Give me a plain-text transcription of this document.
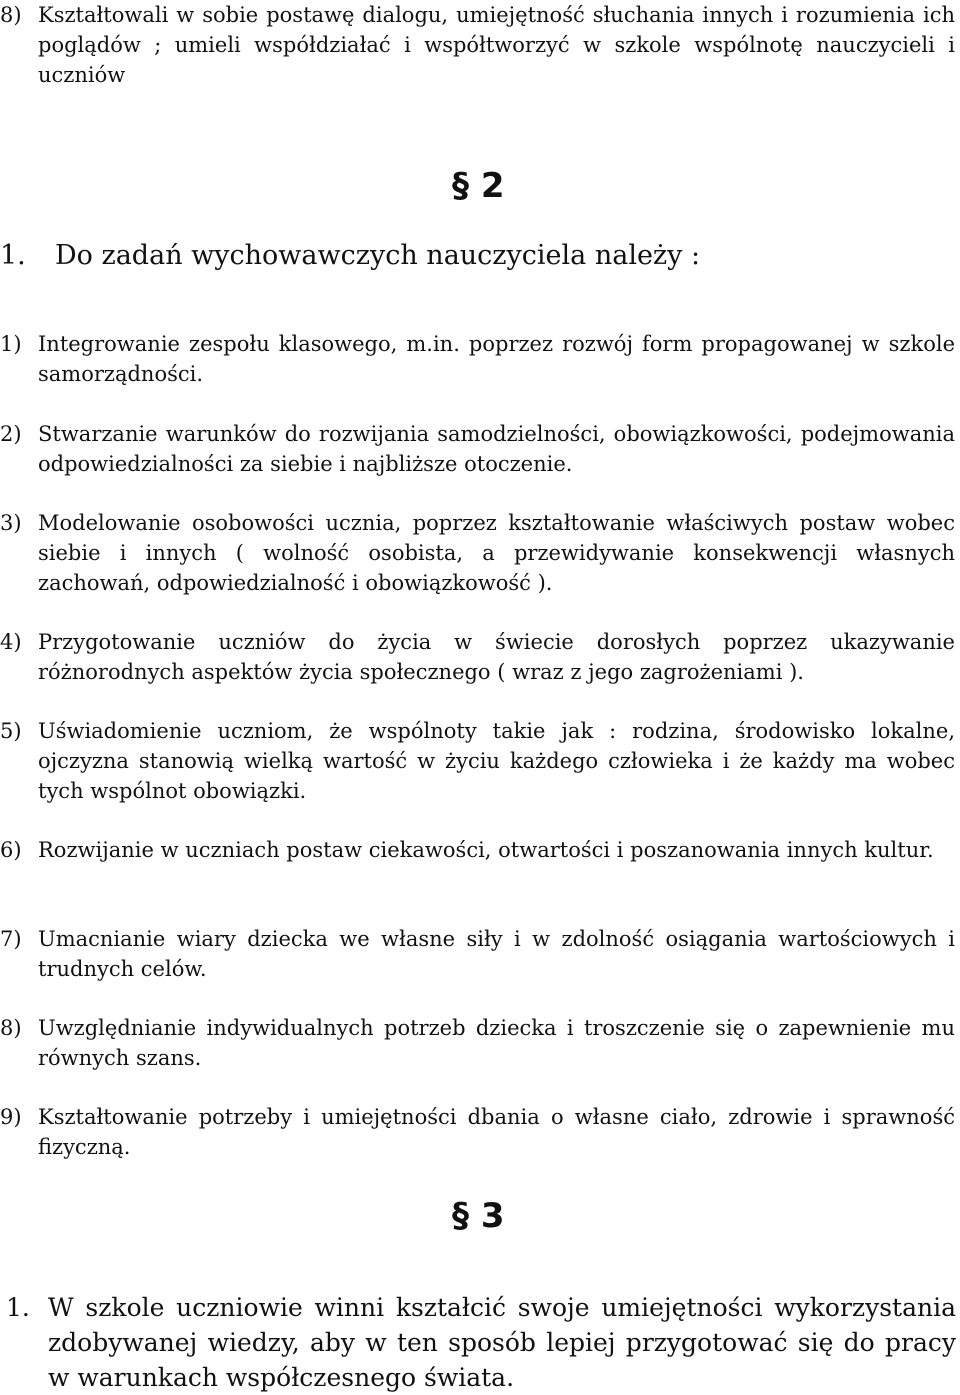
8) Kształtowali w sobie postawę dialogu, umiejętność słuchania innych i rozumienia ich poglądów ; umieli współdziałać i współtworzyć w szkole wspólnotę nauczycieli i uczniów
§ 2
1.	Do zadań wychowawczych nauczyciela należy :
1) Integrowanie zespołu klasowego, m.in. poprzez rozwój form propagowanej w szkole samorządności.
2) Stwarzanie warunków do rozwijania samodzielności, obowiązkowości, podejmowania odpowiedzialności za siebie i najbliższe otoczenie.
3) Modelowanie osobowości ucznia, poprzez kształtowanie właściwych postaw wobec siebie i innych ( wolność osobista, a przewidywanie konsekwencji własnych zachowań, odpowiedzialność i obowiązkowość ).
4) Przygotowanie uczniów do życia w świecie dorosłych poprzez ukazywanie różnorodnych aspektów życia społecznego ( wraz z jego zagrożeniami ).
5) Uświadomienie uczniom, że wspólnoty takie jak : rodzina, środowisko lokalne, ojczyzna stanowią wielką wartość w życiu każdego człowieka i że każdy ma wobec tych wspólnot obowiązki.
6) Rozwijanie w uczniach postaw ciekawości, otwartości i poszanowania innych kultur.
7) Umacnianie wiary dziecka we własne siły i w zdolność osiągania wartościowych i trudnych celów.
8) Uwzględnianie indywidualnych potrzeb dziecka i troszczenie się o zapewnienie mu równych szans.
9) Kształtowanie potrzeby i umiejętności dbania o własne ciało, zdrowie i sprawność fizyczną.
§ 3
1. W szkole uczniowie winni kształcić swoje umiejętności wykorzystania zdobywanej wiedzy, aby w ten sposób lepiej przygotować się do pracy w warunkach współczesnego świata.
